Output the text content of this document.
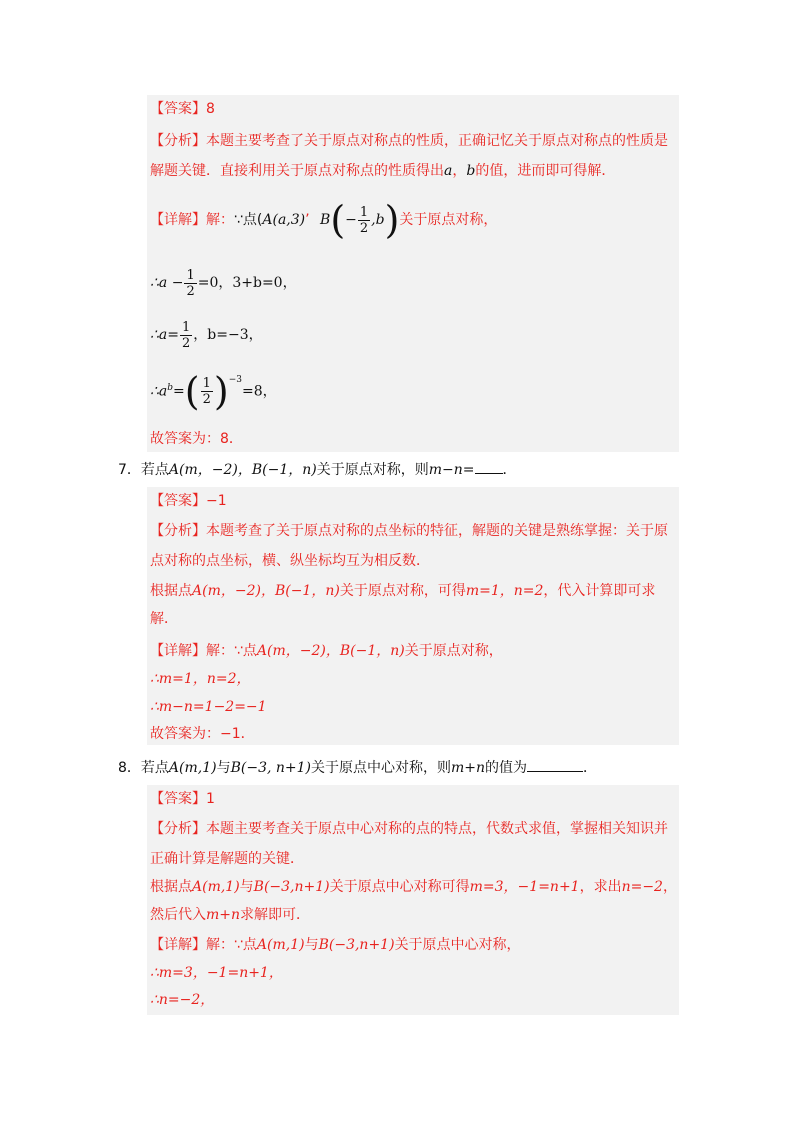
【答案】8
【分析】本题主要考查了关于原点对称点的性质，正确记忆关于原点对称点的性质是
解题关键．直接利用关于原点对称点的性质得出a，b的值，进而即可得解．
【详解】解：∵点(A(a,3)’ $B(- \frac{1}{2} ,b)$关于原点对称，
∴a − $\frac{1}{2} =0$，3+b=0，
∴a= $\frac{1}{2}$ ，b=−3，
$\therefore a^b=( \frac{1}{2} )^{-3}=8$，
故答案为：8．
7．若点A(m，−2)，B(−1，n)关于原点对称，则m−n= ．
【答案】−1
【分析】本题考查了关于原点对称的点坐标的特征，解题的关键是熟练掌握：关于原
点对称的点坐标，横、纵坐标均互为相反数．
根据点A(m，−2)，B(−1，n)关于原点对称，可得m=1，n=2，代入计算即可求
解．
【详解】解：∵点A(m，−2)，B(−1，n)关于原点对称，
∴m=1，n=2，
∴m−n=1−2=−1
故答案为：−1．
8．若点A(m,1)与B(−3, n+1)关于原点中心对称，则m+n的值为	．
【答案】1
【分析】本题主要考查关于原点中心对称的点的特点，代数式求值，掌握相关知识并
正确计算是解题的关键．
根据点A(m,1)与B(−3,n+1)关于原点中心对称可得m=3，−1=n+1，求出n=−2，
然后代入m+n求解即可．
【详解】解：∵点A(m,1)与B(−3,n+1)关于原点中心对称，
∴m=3，−1=n+1，
∴n=−2，
